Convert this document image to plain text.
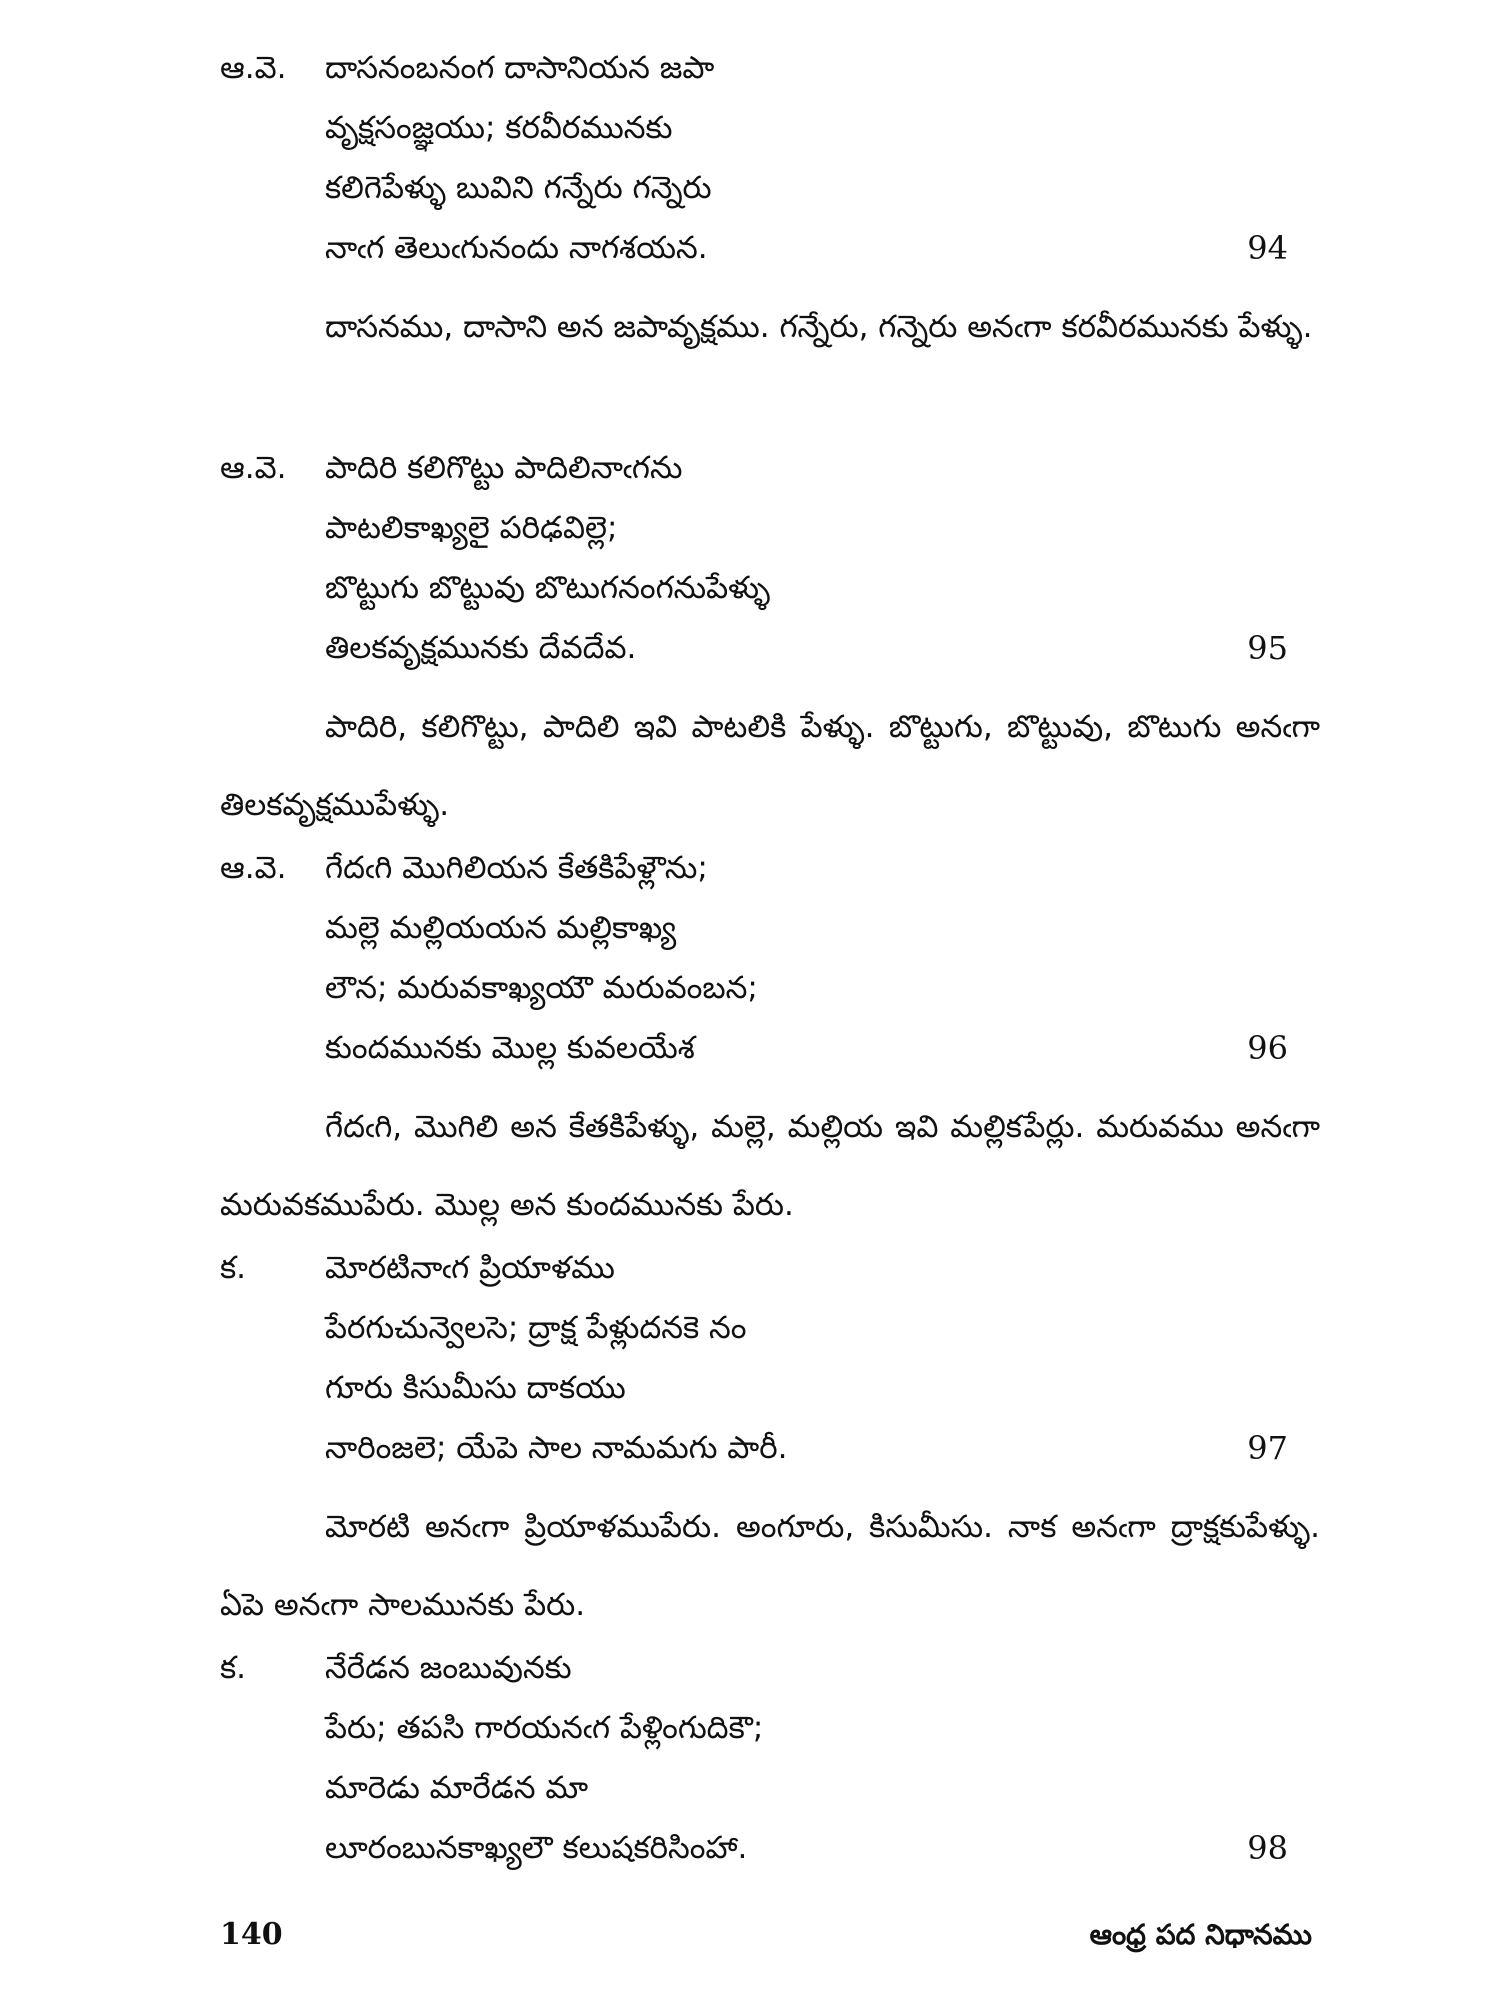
ఆ.వె. దాసనంబనంగ దాసానియన జపా
వృక్షసంజ్ఞయు; కరవీరమునకు
కలిగెపేళ్ళు బువిని గన్నేరు గన్నెరు
నాఁగ తెలుఁగునందు నాగశయన.	94

దాసనము, దాసాని అన జపావృక్షము. గన్నేరు, గన్నెరు అనఁగా కరవీరమునకు పేళ్ళు.

ఆ.వె. పాదిరి కలిగొట్టు పాదిలినాఁగను
పాటలికాఖ్యలై పరిఢవిల్లె;
బొట్టుగు బొట్టువు బొటుగనంగనుపేళ్ళు
తిలకవృక్షమునకు దేవదేవ.	95

పాదిరి, కలిగొట్టు, పాదిలి ఇవి పాటలికి పేళ్ళు. బొట్టుగు, బొట్టువు, బొటుగు అనఁగా తిలకవృక్షముపేళ్ళు.

ఆ.వె. గేదఁగి మొగిలియన కేతకిపేళ్లౌను;
మల్లె మల్లియయన మల్లికాఖ్య
లౌన; మరువకాఖ్యయౌ మరువంబన;
కుందమునకు మొల్ల కువలయేశ	96

గేదఁగి, మొగిలి అన కేతకిపేళ్ళు, మల్లె, మల్లియ ఇవి మల్లికపేర్లు. మరువము అనఁగా మరువకముపేరు. మొల్ల అన కుందమునకు పేరు.

క.	మోరటినాఁగ ప్రియాళము
పేరగుచున్వెలసె; ద్రాక్ష పేళ్లుదనకె నం
గూరు కిసుమీసు దాకయు
నారింజలె; యేపె సాల నామమగు పారీ.	97

మోరటి అనఁగా ప్రియాళముపేరు. అంగూరు, కిసుమీసు. నాక అనఁగా ద్రాక్షకుపేళ్ళు. ఏపె అనఁగా సాలమునకు పేరు.

క.	నేరేడన జంబువునకు
పేరు; తపసి గారయనఁగ పేళ్లింగుదికౌ;
మారెడు మారేడన మా
లూరంబునకాఖ్యలౌ కలుషకరిసింహా.	98
140	ఆంధ్ర పద నిధానము
